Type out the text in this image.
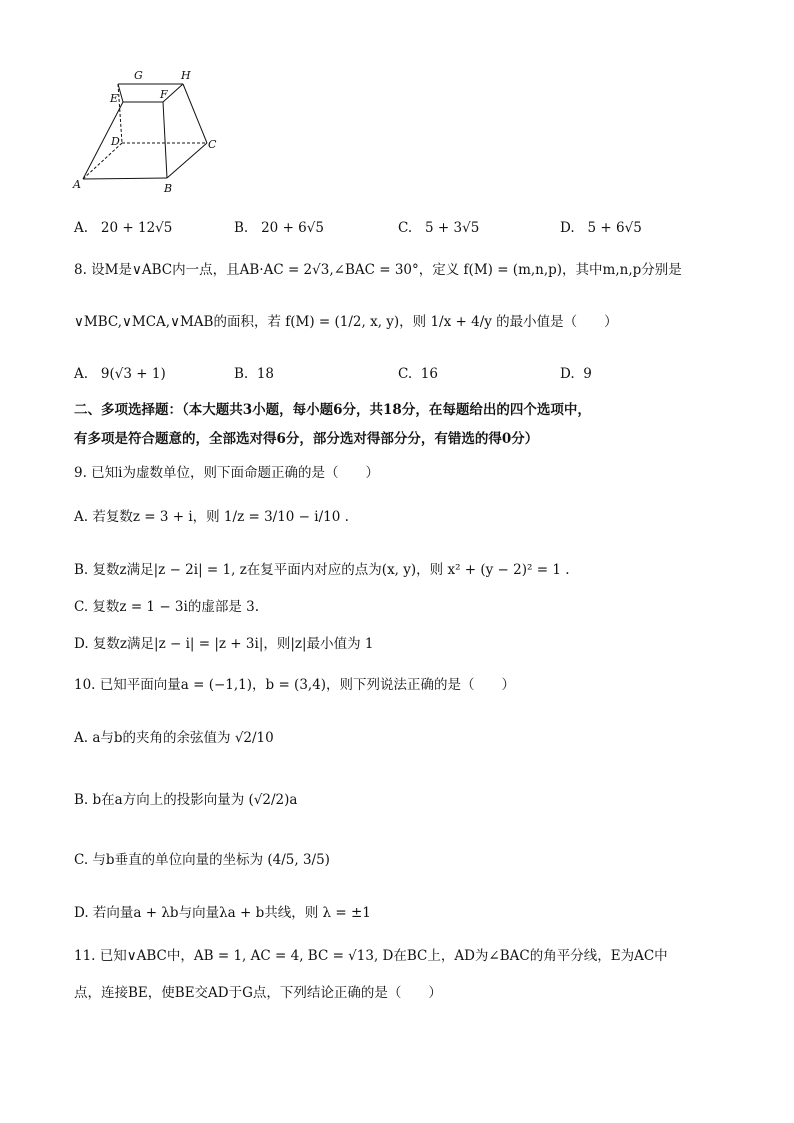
G	H
E	F
D	C
A	B
A. 20 + 12√5	B. 20 + 6√5	C. 5 + 3√5	D. 5 + 6√5
8. 设M是∨ABC内一点，且AB·AC = 2√3,∠BAC = 30°，定义 f(M) = (m,n,p)，其中m,n,p分别是
∨MBC,∨MCA,∨MAB的面积，若 f(M) = (1/2, x, y)，则 1/x + 4/y 的最小值是（　　）
A. 9(√3 + 1)	B. 18	C. 16	D. 9
二、多项选择题：（本大题共3小题，每小题6分，共18分，在每题给出的四个选项中，
有多项是符合题意的，全部选对得6分，部分选对得部分分，有错选的得0分）
9. 已知i为虚数单位，则下面命题正确的是（　　）
A. 若复数z = 3 + i，则 1/z = 3/10 − i/10 .
B. 复数z满足|z − 2i| = 1, z在复平面内对应的点为(x, y)，则 x² + (y − 2)² = 1 .
C. 复数z = 1 − 3i的虚部是 3.
D. 复数z满足|z − i| = |z + 3i|，则|z|最小值为 1
10. 已知平面向量a = (−1,1)，b = (3,4)，则下列说法正确的是（　　）
A. a与b的夹角的余弦值为 √2/10
B. b在a方向上的投影向量为 (√2/2)a
C. 与b垂直的单位向量的坐标为 (4/5, 3/5)
D. 若向量a + λb与向量λa + b共线，则 λ = ±1
11. 已知∨ABC中，AB = 1, AC = 4, BC = √13, D在BC上，AD为∠BAC的角平分线，E为AC中
点，连接BE，使BE交AD于G点，下列结论正确的是（　　）
